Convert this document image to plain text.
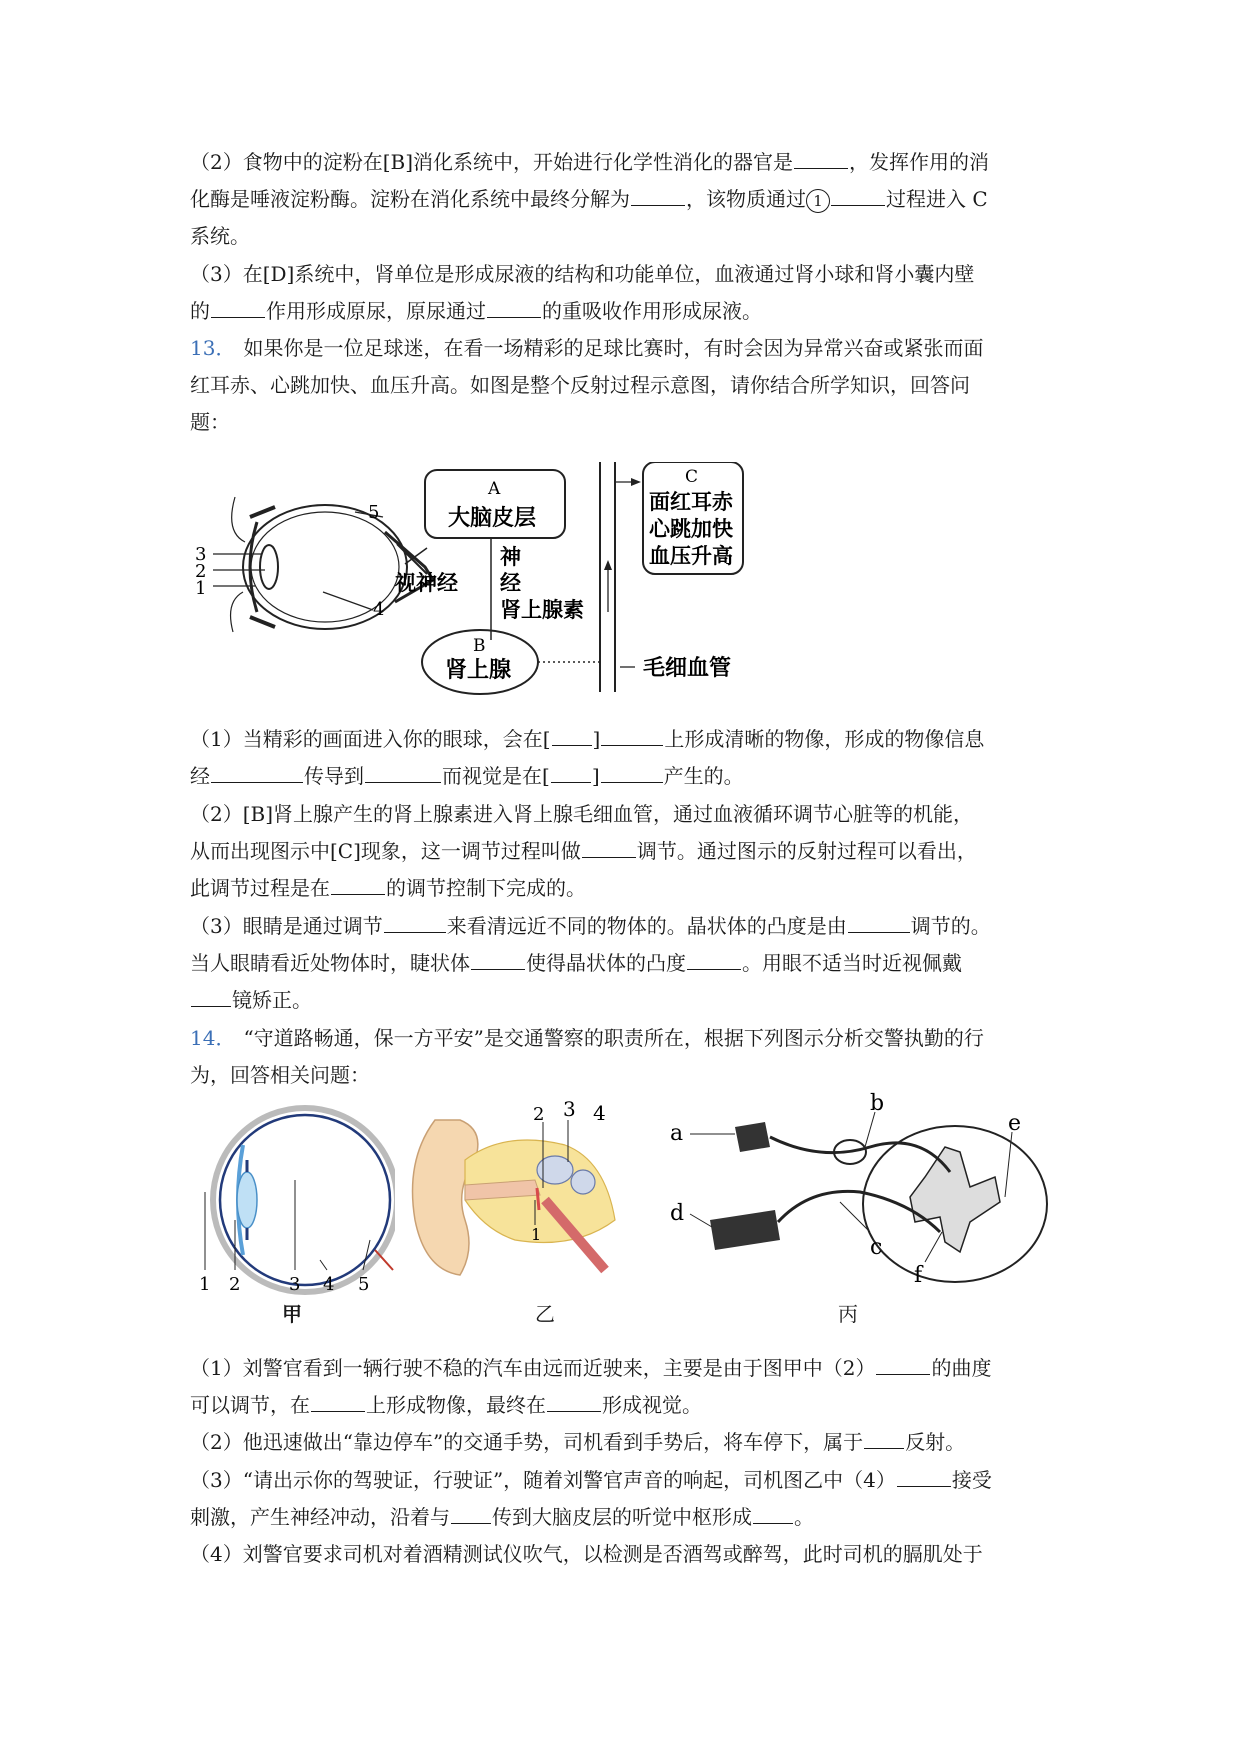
（2）食物中的淀粉在[B]消化系统中，开始进行化学性消化的器官是	，发挥作用的消

化酶是唾液淀粉酶。淀粉在消化系统中最终分解为	，该物质通过 1	过程进入 C

系统。

（3）在[D]系统中，肾单位是形成尿液的结构和功能单位，血液通过肾小球和肾小囊内壁

的	作用形成原尿，原尿通过	的重吸收作用形成尿液。

13． 如果你是一位足球迷，在看一场精彩的足球比赛时，有时会因为异常兴奋或紧张而面

红耳赤、心跳加快、血压升高。如图是整个反射过程示意图，请你结合所学知识，回答问

题：

3
2
1
5
4
视神经
A
大脑皮层
神
经
肾上腺素
B
肾上腺	毛细血管
C
面红耳赤
心跳加快
血压升高

（1）当精彩的画面进入你的眼球，会在[ ]	上形成清晰的物像，形成的物像信息

经	传导到	而视觉是在[ ]	产生的。

（2）[B]肾上腺产生的肾上腺素进入肾上腺毛细血管，通过血液循环调节心脏等的机能，

从而出现图示中[C]现象，这一调节过程叫做	调节。通过图示的反射过程可以看出，

此调节过程是在	的调节控制下完成的。

（3）眼睛是通过调节	来看清远近不同的物体的。晶状体的凸度是由	调节的。

当人眼睛看近处物体时，睫状体	使得晶状体的凸度	。用眼不适当时近视佩戴

镜矫正。

14． “守道路畅通，保一方平安”是交通警察的职责所在，根据下列图示分析交警执勤的行

为，回答相关问题：

1 2	3 4 5
2 3 4
1
a
b
c
d
e
f

甲	乙	丙

（1）刘警官看到一辆行驶不稳的汽车由远而近驶来，主要是由于图甲中（2）	的曲度

可以调节，在	上形成物像，最终在	形成视觉。

（2）他迅速做出“靠边停车”的交通手势，司机看到手势后，将车停下，属于 反射。

（3）“请出示你的驾驶证，行驶证”，随着刘警官声音的响起，司机图乙中（4）	接受

刺激，产生神经冲动，沿着与 传到大脑皮层的听觉中枢形成 。

（4）刘警官要求司机对着酒精测试仪吹气，以检测是否酒驾或醉驾，此时司机的膈肌处于
